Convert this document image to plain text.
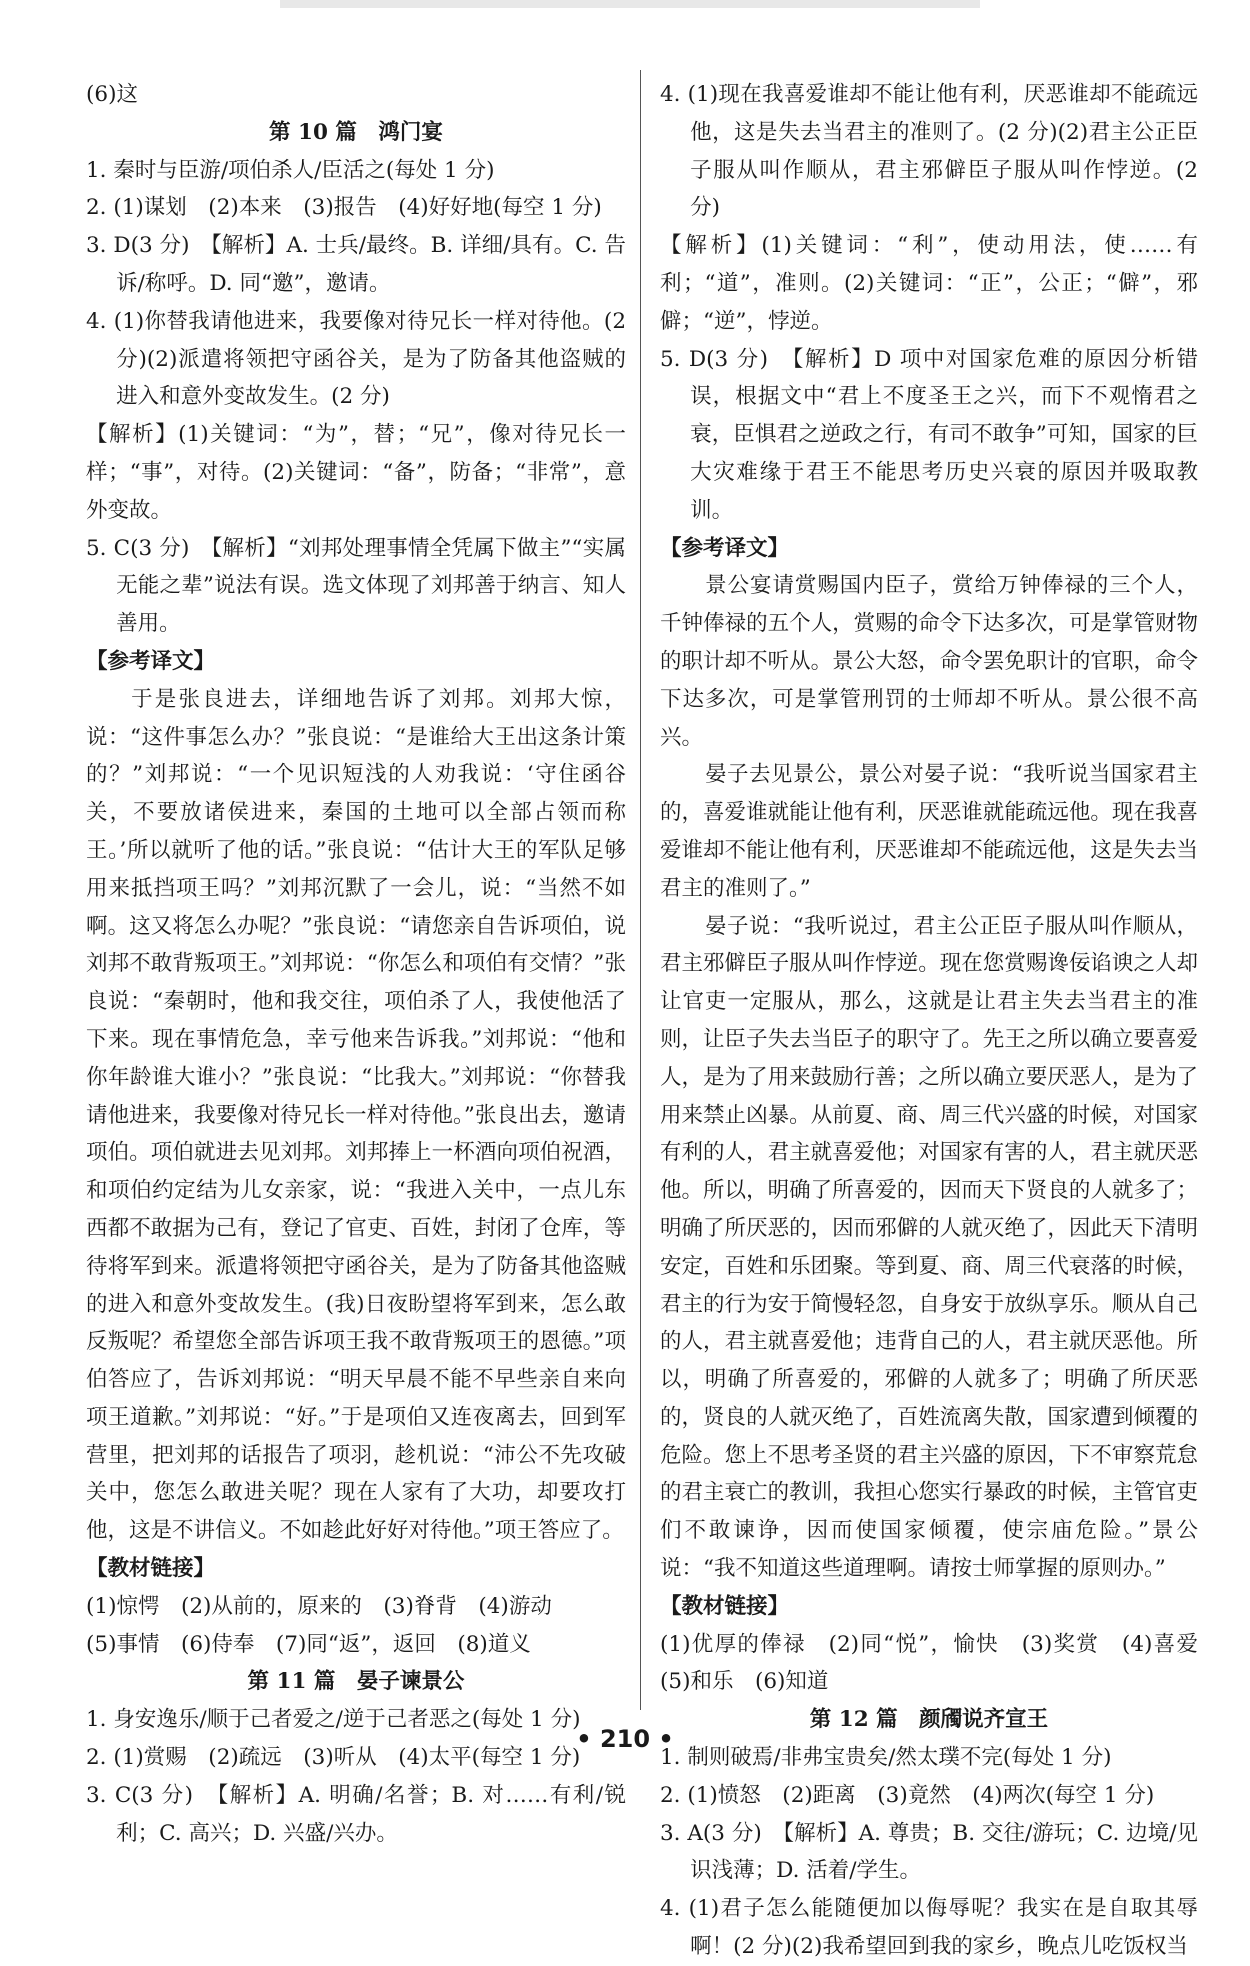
(6)这

第 10 篇　鸿门宴

1. 秦时与臣游/项伯杀人/臣活之(每处 1 分)

2. (1)谋划　(2)本来　(3)报告　(4)好好地(每空 1 分)

3. D(3 分)　【解析】A. 士兵/最终。B. 详细/具有。C. 告诉/称呼。D. 同“邀”，邀请。

4. (1)你替我请他进来，我要像对待兄长一样对待他。(2 分)(2)派遣将领把守函谷关，是为了防备其他盗贼的进入和意外变故发生。(2 分)

【解析】(1)关键词：“为”，替；“兄”，像对待兄长一样；“事”，对待。(2)关键词：“备”，防备；“非常”，意外变故。

5. C(3 分)　【解析】“刘邦处理事情全凭属下做主”“实属无能之辈”说法有误。选文体现了刘邦善于纳言、知人善用。

【参考译文】

于是张良进去，详细地告诉了刘邦。刘邦大惊，说：“这件事怎么办？”张良说：“是谁给大王出这条计策的？”刘邦说：“一个见识短浅的人劝我说：‘守住函谷关，不要放诸侯进来，秦国的土地可以全部占领而称王。’所以就听了他的话。”张良说：“估计大王的军队足够用来抵挡项王吗？”刘邦沉默了一会儿，说：“当然不如啊。这又将怎么办呢？”张良说：“请您亲自告诉项伯，说刘邦不敢背叛项王。”刘邦说：“你怎么和项伯有交情？”张良说：“秦朝时，他和我交往，项伯杀了人，我使他活了下来。现在事情危急，幸亏他来告诉我。”刘邦说：“他和你年龄谁大谁小？”张良说：“比我大。”刘邦说：“你替我请他进来，我要像对待兄长一样对待他。”张良出去，邀请项伯。项伯就进去见刘邦。刘邦捧上一杯酒向项伯祝酒，和项伯约定结为儿女亲家，说：“我进入关中，一点儿东西都不敢据为己有，登记了官吏、百姓，封闭了仓库，等待将军到来。派遣将领把守函谷关，是为了防备其他盗贼的进入和意外变故发生。(我)日夜盼望将军到来，怎么敢反叛呢？希望您全部告诉项王我不敢背叛项王的恩德。”项伯答应了，告诉刘邦说：“明天早晨不能不早些亲自来向项王道歉。”刘邦说：“好。”于是项伯又连夜离去，回到军营里，把刘邦的话报告了项羽，趁机说：“沛公不先攻破关中，您怎么敢进关呢？现在人家有了大功，却要攻打他，这是不讲信义。不如趁此好好对待他。”项王答应了。

【教材链接】

(1)惊愕　(2)从前的，原来的　(3)脊背　(4)游动

(5)事情　(6)侍奉　(7)同“返”，返回　(8)道义

第 11 篇　晏子谏景公

1. 身安逸乐/顺于己者爱之/逆于己者恶之(每处 1 分)

2. (1)赏赐　(2)疏远　(3)听从　(4)太平(每空 1 分)

3. C(3 分)　【解析】A. 明确/名誉；B. 对……有利/锐利；C. 高兴；D. 兴盛/兴办。

4. (1)现在我喜爱谁却不能让他有利，厌恶谁却不能疏远他，这是失去当君主的准则了。(2 分)(2)君主公正臣子服从叫作顺从，君主邪僻臣子服从叫作悖逆。(2 分)

【解析】(1)关键词：“利”，使动用法，使……有利；“道”，准则。(2)关键词：“正”，公正；“僻”，邪僻；“逆”，悖逆。

5. D(3 分)　【解析】D 项中对国家危难的原因分析错误，根据文中“君上不度圣王之兴，而下不观惰君之衰，臣惧君之逆政之行，有司不敢争”可知，国家的巨大灾难缘于君王不能思考历史兴衰的原因并吸取教训。

【参考译文】

景公宴请赏赐国内臣子，赏给万钟俸禄的三个人，千钟俸禄的五个人，赏赐的命令下达多次，可是掌管财物的职计却不听从。景公大怒，命令罢免职计的官职，命令下达多次，可是掌管刑罚的士师却不听从。景公很不高兴。

晏子去见景公，景公对晏子说：“我听说当国家君主的，喜爱谁就能让他有利，厌恶谁就能疏远他。现在我喜爱谁却不能让他有利，厌恶谁却不能疏远他，这是失去当君主的准则了。”

晏子说：“我听说过，君主公正臣子服从叫作顺从，君主邪僻臣子服从叫作悖逆。现在您赏赐谗佞谄谀之人却让官吏一定服从，那么，这就是让君主失去当君主的准则，让臣子失去当臣子的职守了。先王之所以确立要喜爱人，是为了用来鼓励行善；之所以确立要厌恶人，是为了用来禁止凶暴。从前夏、商、周三代兴盛的时候，对国家有利的人，君主就喜爱他；对国家有害的人，君主就厌恶他。所以，明确了所喜爱的，因而天下贤良的人就多了；明确了所厌恶的，因而邪僻的人就灭绝了，因此天下清明安定，百姓和乐团聚。等到夏、商、周三代衰落的时候，君主的行为安于简慢轻忽，自身安于放纵享乐。顺从自己的人，君主就喜爱他；违背自己的人，君主就厌恶他。所以，明确了所喜爱的，邪僻的人就多了；明确了所厌恶的，贤良的人就灭绝了，百姓流离失散，国家遭到倾覆的危险。您上不思考圣贤的君主兴盛的原因，下不审察荒怠的君主衰亡的教训，我担心您实行暴政的时候，主管官吏们不敢谏诤，因而使国家倾覆，使宗庙危险。”景公说：“我不知道这些道理啊。请按士师掌握的原则办。”

【教材链接】

(1)优厚的俸禄　(2)同“悦”，愉快　(3)奖赏　(4)喜爱　(5)和乐　(6)知道

第 12 篇　颜斶说齐宣王

1. 制则破焉/非弗宝贵矣/然太璞不完(每处 1 分)

2. (1)愤怒　(2)距离　(3)竟然　(4)两次(每空 1 分)

3. A(3 分)　【解析】A. 尊贵；B. 交往/游玩；C. 边境/见识浅薄；D. 活着/学生。

4. (1)君子怎么能随便加以侮辱呢？我实在是自取其辱啊！(2 分)(2)我希望回到我的家乡，晚点儿吃饭权当

• 210 •
